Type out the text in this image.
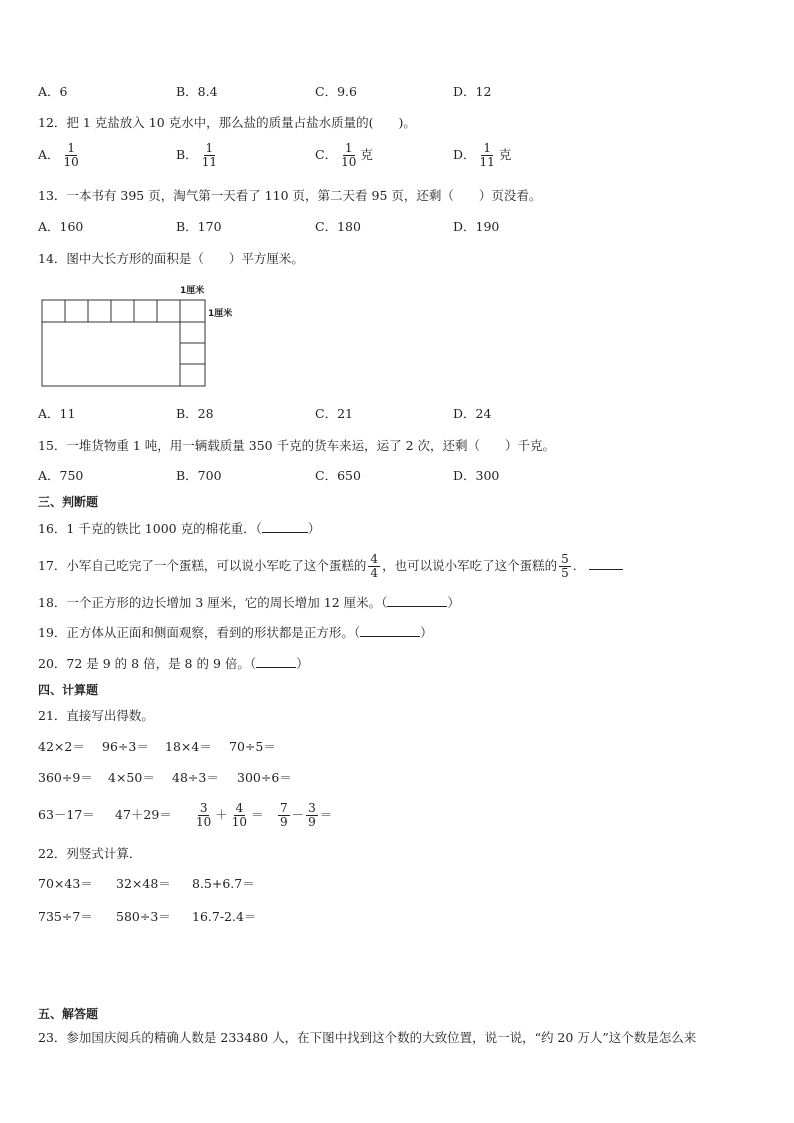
A．6	B．8.4	C．9.6	D．12
12．把 1 克盐放入 10 克水中，那么盐的质量占盐水质量的(　　)。
A． $\frac{1}{10}$	B． $\frac{1}{11}$	C． $\frac{1}{10}$ 克	D． $\frac{1}{11}$ 克
13．一本书有 395 页，淘气第一天看了 110 页，第二天看 95 页，还剩（　　）页没看。
A．160	B．170	C．180	D．190
14．图中大长方形的面积是（　　）平方厘米。
1厘米
1厘米
A．11	B．28	C．21	D．24
15．一堆货物重 1 吨，用一辆载质量 350 千克的货车来运，运了 2 次，还剩（　　）千克。
A．750	B．700	C．650	D．300
三、判断题
16．1 千克的铁比 1000 克的棉花重．（	）
17．小军自己吃完了一个蛋糕，可以说小军吃了这个蛋糕的 $\frac{4}{4}$ ，也可以说小军吃了这个蛋糕的 $\frac{5}{5}$ ．
18．一个正方形的边长增加 3 厘米，它的周长增加 12 厘米。（	）
19．正方体从正面和侧面观察，看到的形状都是正方形。（	）
20．72 是 9 的 8 倍，是 8 的 9 倍。（	）
四、计算题
21．直接写出得数。
42×2＝ 96÷3＝ 18×4＝ 70÷5＝
360÷9＝ 4×50＝ 48÷3＝ 300÷6＝
$63-17= 47+29= \frac{3}{10} + \frac{4}{10} = \frac{7}{9} - \frac{3}{9}$ ＝
22．列竖式计算．
70×43＝ 32×48＝ 8.5+6.7＝
735÷7＝ 580÷3＝ 16.7-2.4＝
五、解答题
23．参加国庆阅兵的精确人数是 233480 人，在下图中找到这个数的大致位置，说一说，“约 20 万人”这个数是怎么来
